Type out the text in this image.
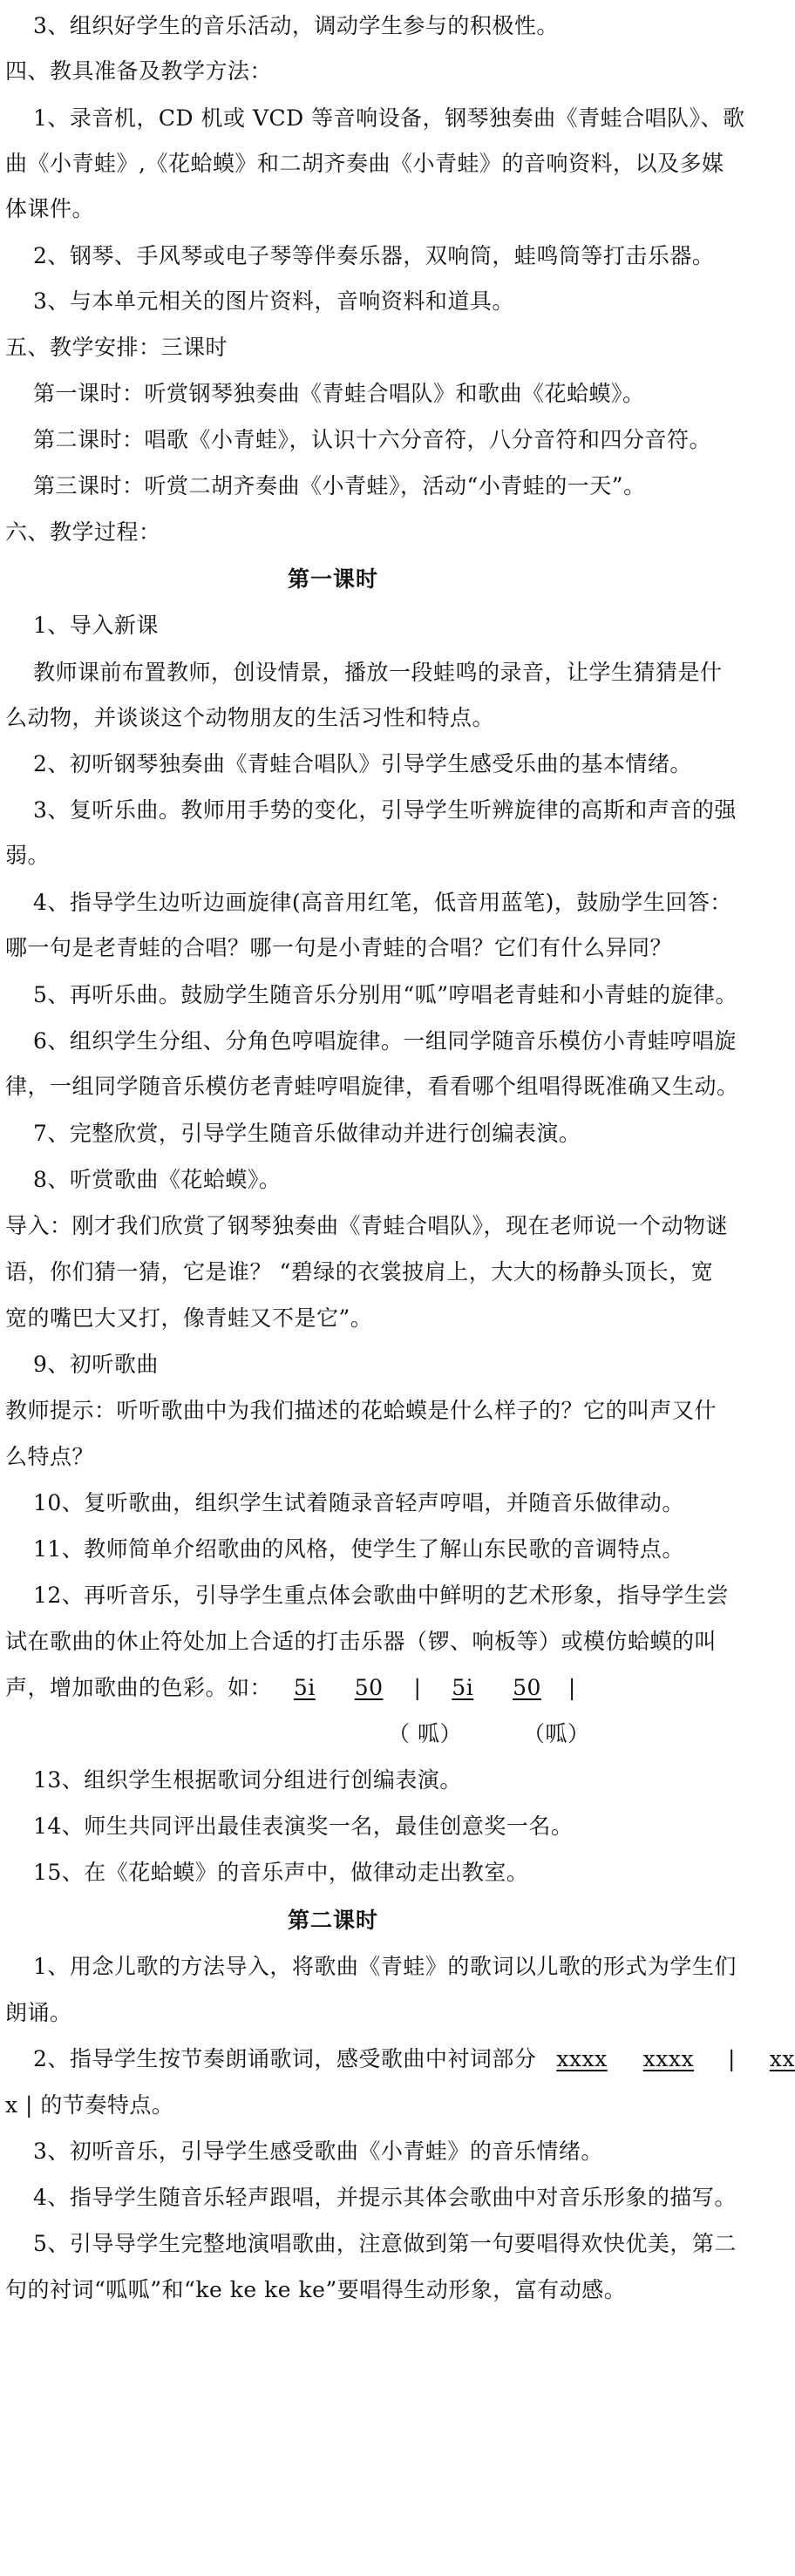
3、组织好学生的音乐活动，调动学生参与的积极性。
四、教具准备及教学方法：
1、录音机，CD 机或 VCD 等音响设备，钢琴独奏曲《青蛙合唱队》、歌
曲《小青蛙》,《花蛤蟆》和二胡齐奏曲《小青蛙》的音响资料，以及多媒
体课件。
2、钢琴、手风琴或电子琴等伴奏乐器，双响筒，蛙鸣筒等打击乐器。
3、与本单元相关的图片资料，音响资料和道具。
五、教学安排：三课时
第一课时：听赏钢琴独奏曲《青蛙合唱队》和歌曲《花蛤蟆》。
第二课时：唱歌《小青蛙》，认识十六分音符，八分音符和四分音符。
第三课时：听赏二胡齐奏曲《小青蛙》，活动“小青蛙的一天”。
六、教学过程：
第一课时
1、导入新课
教师课前布置教师，创设情景，播放一段蛙鸣的录音，让学生猜猜是什
么动物，并谈谈这个动物朋友的生活习性和特点。
2、初听钢琴独奏曲《青蛙合唱队》引导学生感受乐曲的基本情绪。
3、复听乐曲。教师用手势的变化，引导学生听辨旋律的高斯和声音的强
弱。
4、指导学生边听边画旋律(高音用红笔，低音用蓝笔)，鼓励学生回答：
哪一句是老青蛙的合唱？哪一句是小青蛙的合唱？它们有什么异同？
5、再听乐曲。鼓励学生随音乐分别用“呱”哼唱老青蛙和小青蛙的旋律。
6、组织学生分组、分角色哼唱旋律。一组同学随音乐模仿小青蛙哼唱旋
律，一组同学随音乐模仿老青蛙哼唱旋律，看看哪个组唱得既准确又生动。
7、完整欣赏，引导学生随音乐做律动并进行创编表演。
8、听赏歌曲《花蛤蟆》。
导入：刚才我们欣赏了钢琴独奏曲《青蛙合唱队》，现在老师说一个动物谜
语，你们猜一猜，它是谁？ “碧绿的衣裳披肩上，大大的杨静头顶长，宽
宽的嘴巴大又打，像青蛙又不是它”。
9、初听歌曲
教师提示：听听歌曲中为我们描述的花蛤蟆是什么样子的？它的叫声又什
么特点？
10、复听歌曲，组织学生试着随录音轻声哼唱，并随音乐做律动。
11、教师简单介绍歌曲的风格，使学生了解山东民歌的音调特点。
12、再听音乐，引导学生重点体会歌曲中鲜明的艺术形象，指导学生尝
试在歌曲的休止符处加上合适的打击乐器（锣、响板等）或模仿蛤蟆的叫
声，增加歌曲的色彩。如： 5i 50 | 5i 50 |
（ 呱）	（呱）
13、组织学生根据歌词分组进行创编表演。
14、师生共同评出最佳表演奖一名，最佳创意奖一名。
15、在《花蛤蟆》的音乐声中，做律动走出教室。
第二课时
1、用念儿歌的方法导入，将歌曲《青蛙》的歌词以儿歌的形式为学生们
朗诵。
2、指导学生按节奏朗诵歌词，感受歌曲中衬词部分 xxxx xxxx | xx
x | 的节奏特点。
3、初听音乐，引导学生感受歌曲《小青蛙》的音乐情绪。
4、指导学生随音乐轻声跟唱，并提示其体会歌曲中对音乐形象的描写。
5、引导导学生完整地演唱歌曲，注意做到第一句要唱得欢快优美，第二
句的衬词“呱呱”和“ke ke ke ke”要唱得生动形象，富有动感。
